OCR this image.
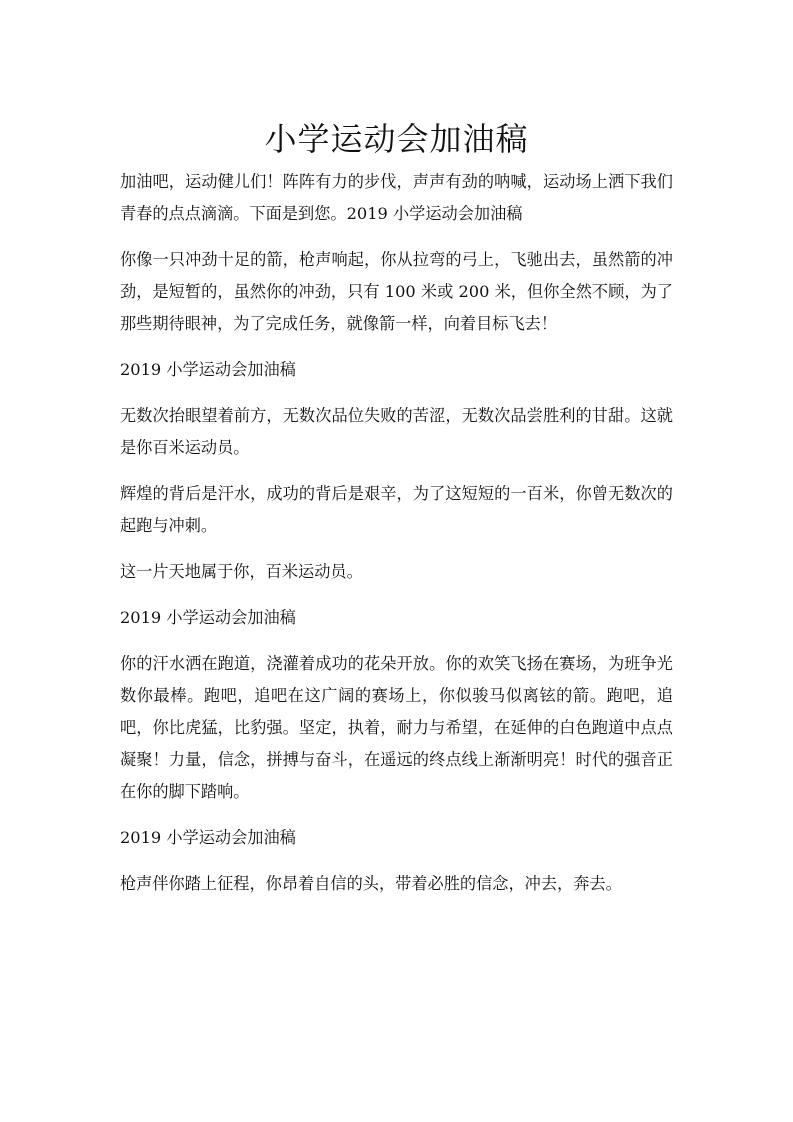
小学运动会加油稿

加油吧，运动健儿们！阵阵有力的步伐，声声有劲的呐喊，运动场上洒下我们青春的点点滴滴。下面是到您。2019 小学运动会加油稿

你像一只冲劲十足的箭，枪声响起，你从拉弯的弓上，飞驰出去，虽然箭的冲劲，是短暂的，虽然你的冲劲，只有 100 米或 200 米，但你全然不顾，为了那些期待眼神，为了完成任务，就像箭一样，向着目标飞去！

2019 小学运动会加油稿

无数次抬眼望着前方，无数次品位失败的苦涩，无数次品尝胜利的甘甜。这就是你百米运动员。

辉煌的背后是汗水，成功的背后是艰辛，为了这短短的一百米，你曾无数次的起跑与冲刺。

这一片天地属于你，百米运动员。

2019 小学运动会加油稿

你的汗水洒在跑道，浇灌着成功的花朵开放。你的欢笑飞扬在赛场，为班争光数你最棒。跑吧，追吧在这广阔的赛场上，你似骏马似离铉的箭。跑吧，追吧，你比虎猛，比豹强。坚定，执着，耐力与希望，在延伸的白色跑道中点点凝聚！力量，信念，拼搏与奋斗，在遥远的终点线上渐渐明亮！时代的强音正在你的脚下踏响。

2019 小学运动会加油稿

枪声伴你踏上征程，你昂着自信的头，带着必胜的信念，冲去，奔去。
